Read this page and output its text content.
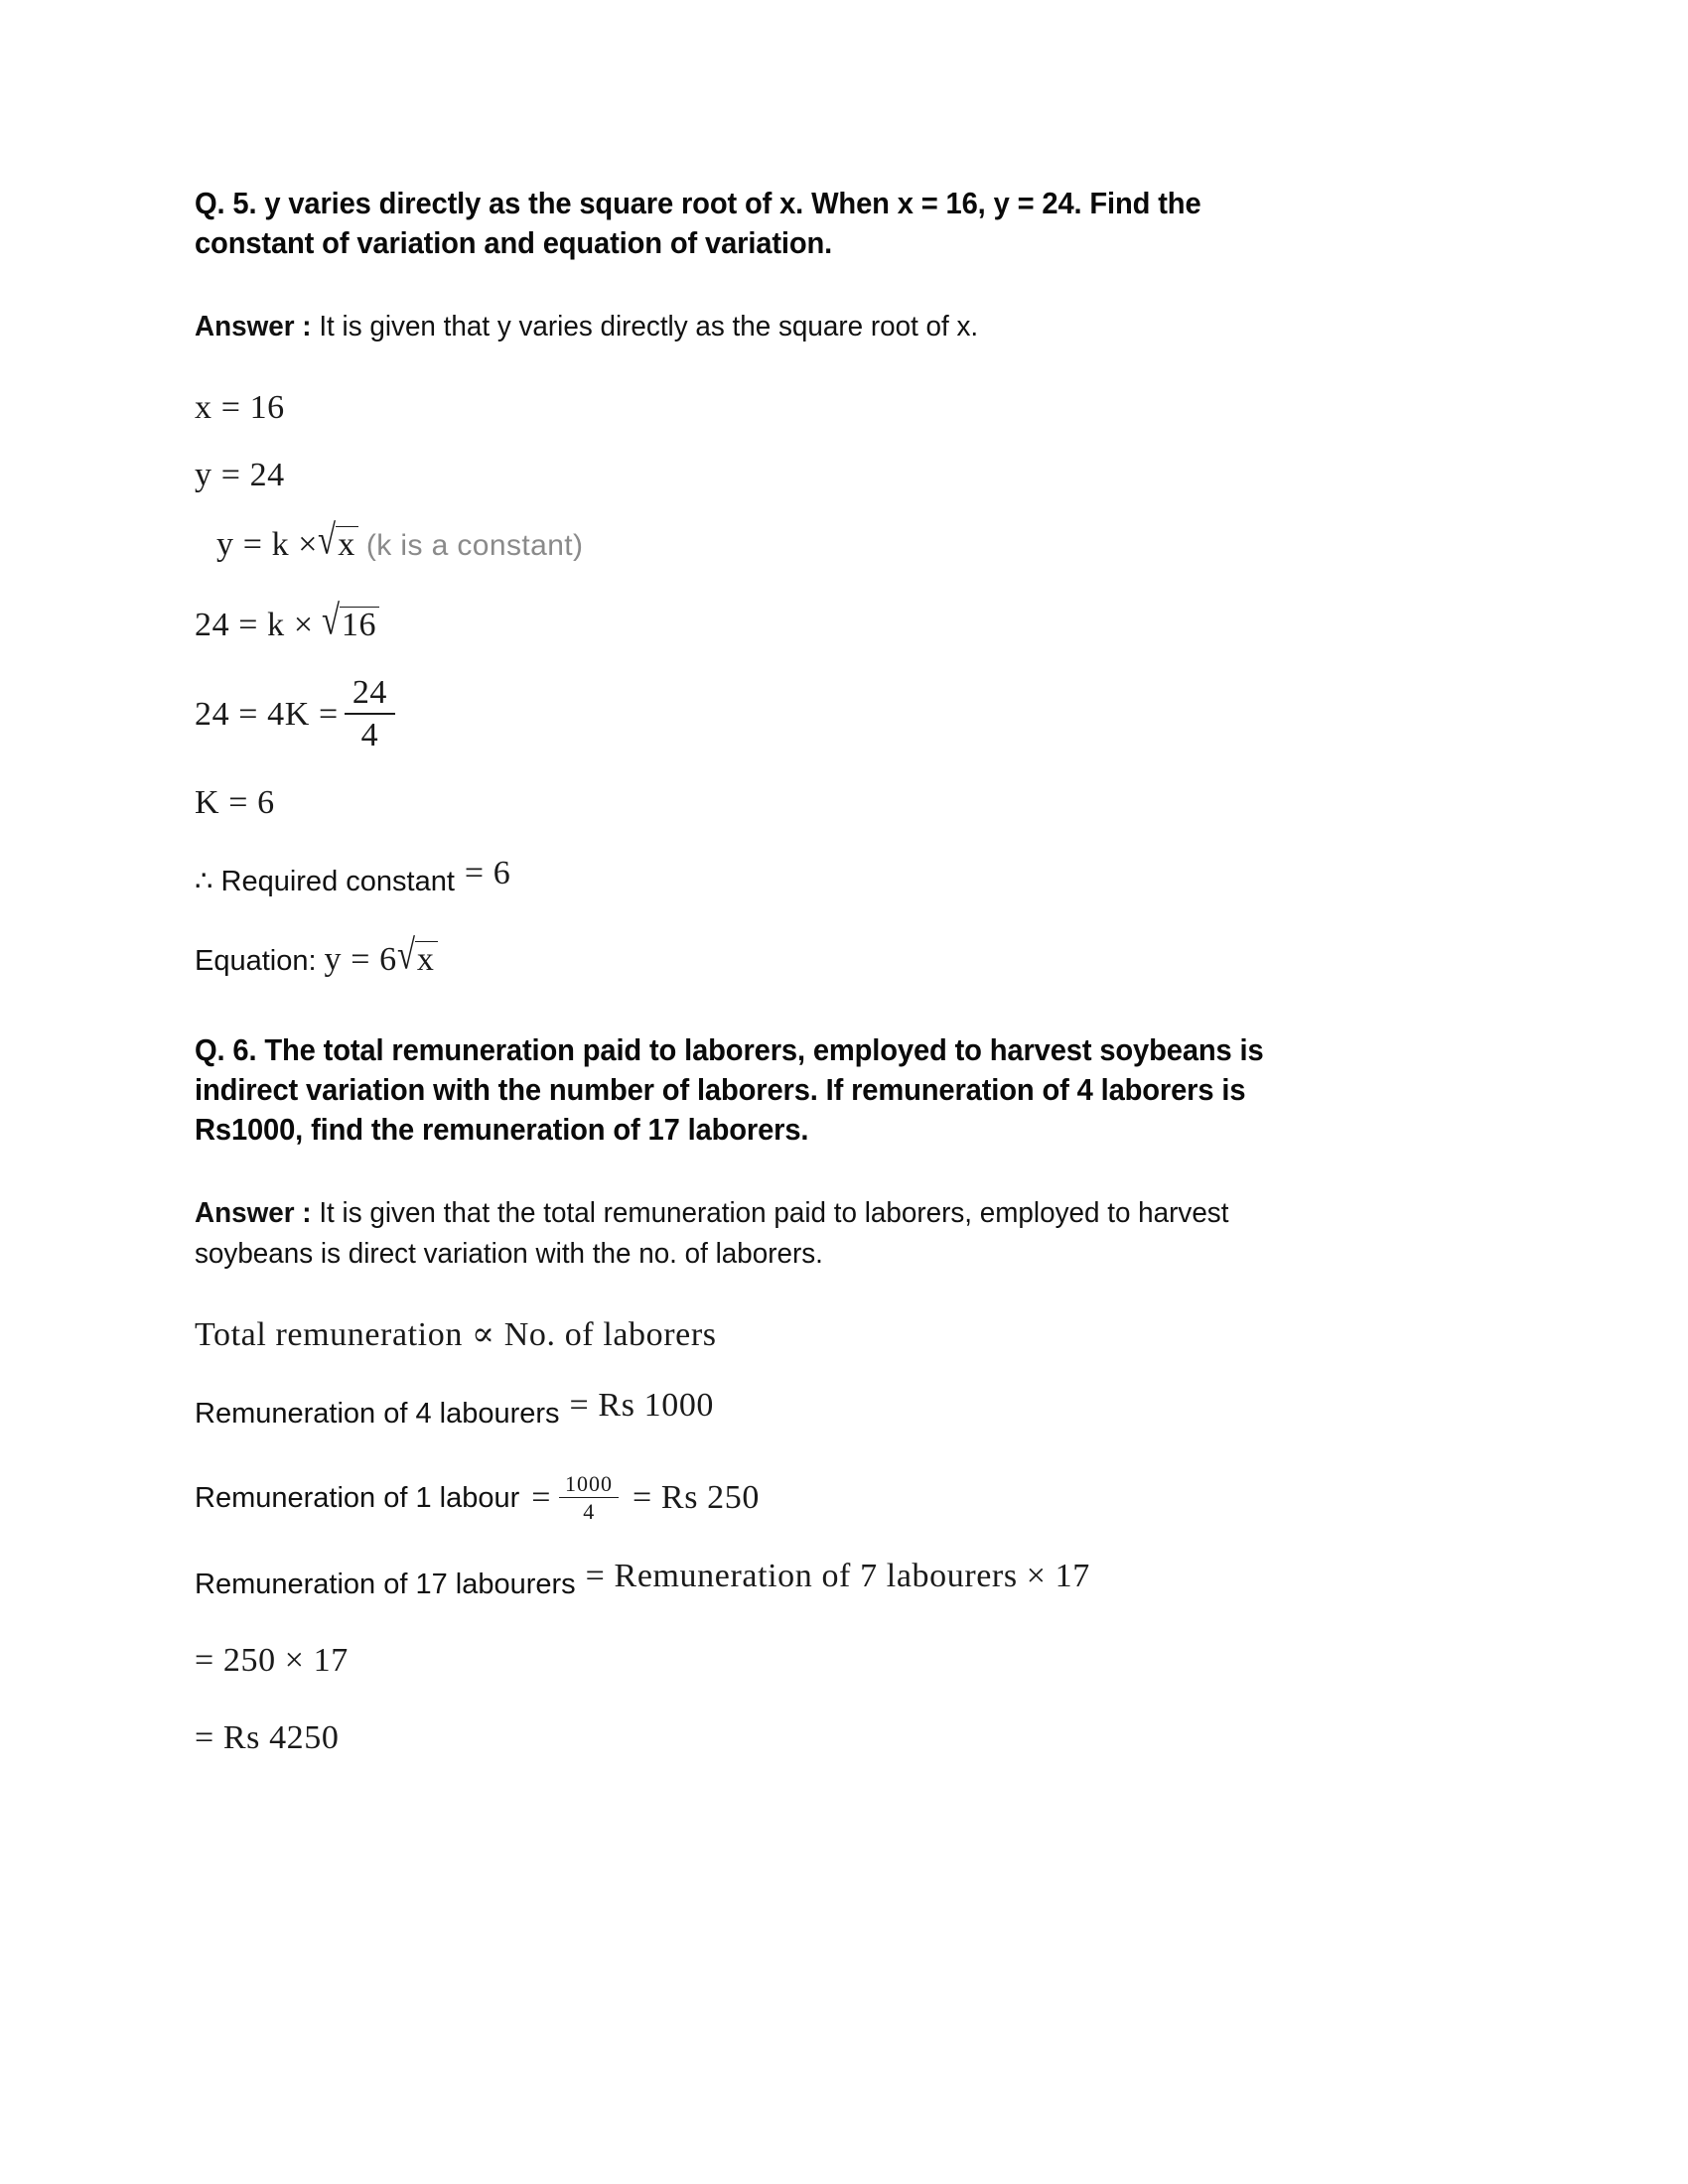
Q. 5. y varies directly as the square root of x. When x = 16, y = 24. Find the
constant of variation and equation of variation.

Answer : It is given that y varies directly as the square root of x.

x = 16
y = 24
y = k × √ x (k is a constant)
24 = k × √ 16
$24 = 4K = \frac{24}{4}$
K = 6
∴ Required constant = 6
Equation: y = 6 √ x
Q. 6. The total remuneration paid to laborers, employed to harvest soybeans is
indirect variation with the number of laborers. If remuneration of 4 laborers is
Rs1000, find the remuneration of 17 laborers.

Answer : It is given that the total remuneration paid to laborers, employed to harvest

soybeans is direct variation with the no. of laborers.

Total remuneration ∝ No. of laborers
Remuneration of 4 labourers = Rs 1000
Remuneration of 1 labour = $\frac{1000}{4} = Rs$ 250
Remuneration of 17 labourers = Remuneration of 7 labourers × 17
= 250 × 17
= Rs 4250
